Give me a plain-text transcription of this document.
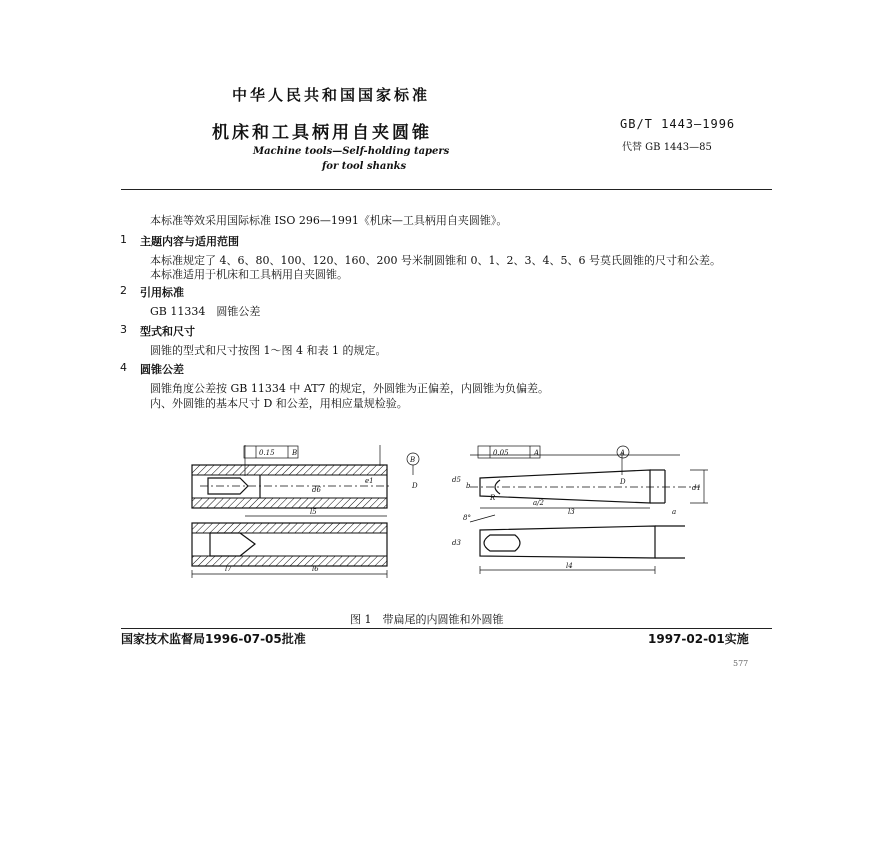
中华人民共和国国家标准
机床和工具柄用自夹圆锥
Machine tools—Self-holding tapers
for tool shanks
GB/T 1443—1996
代替 GB 1443—85
本标准等效采用国际标准 ISO 296—1991《机床—工具柄用自夹圆锥》。
1 主题内容与适用范围
本标准规定了 4、6、80、100、120、160、200 号米制圆锥和 0、1、2、3、4、5、6 号莫氏圆锥的尺寸和公差。
本标准适用于机床和工具柄用自夹圆锥。
2 引用标准
GB 11334　圆锥公差
3 型式和尺寸
圆锥的型式和尺寸按图 1～图 4 和表 1 的规定。
4 圆锥公差
圆锥角度公差按 GB 11334 中 AT7 的规定，外圆锥为正偏差，内圆锥为负偏差。
内、外圆锥的基本尺寸 D 和公差，用相应量规检验。
0.15 B
B
D
d6
e1
l5
l7	l6
0.05	A	A
d5
b
R
a/2
l3
D
d1
a
8°
d3
l4
图 1　带扁尾的内圆锥和外圆锥
国家技术监督局1996-07-05批准	1997-02-01实施
577
